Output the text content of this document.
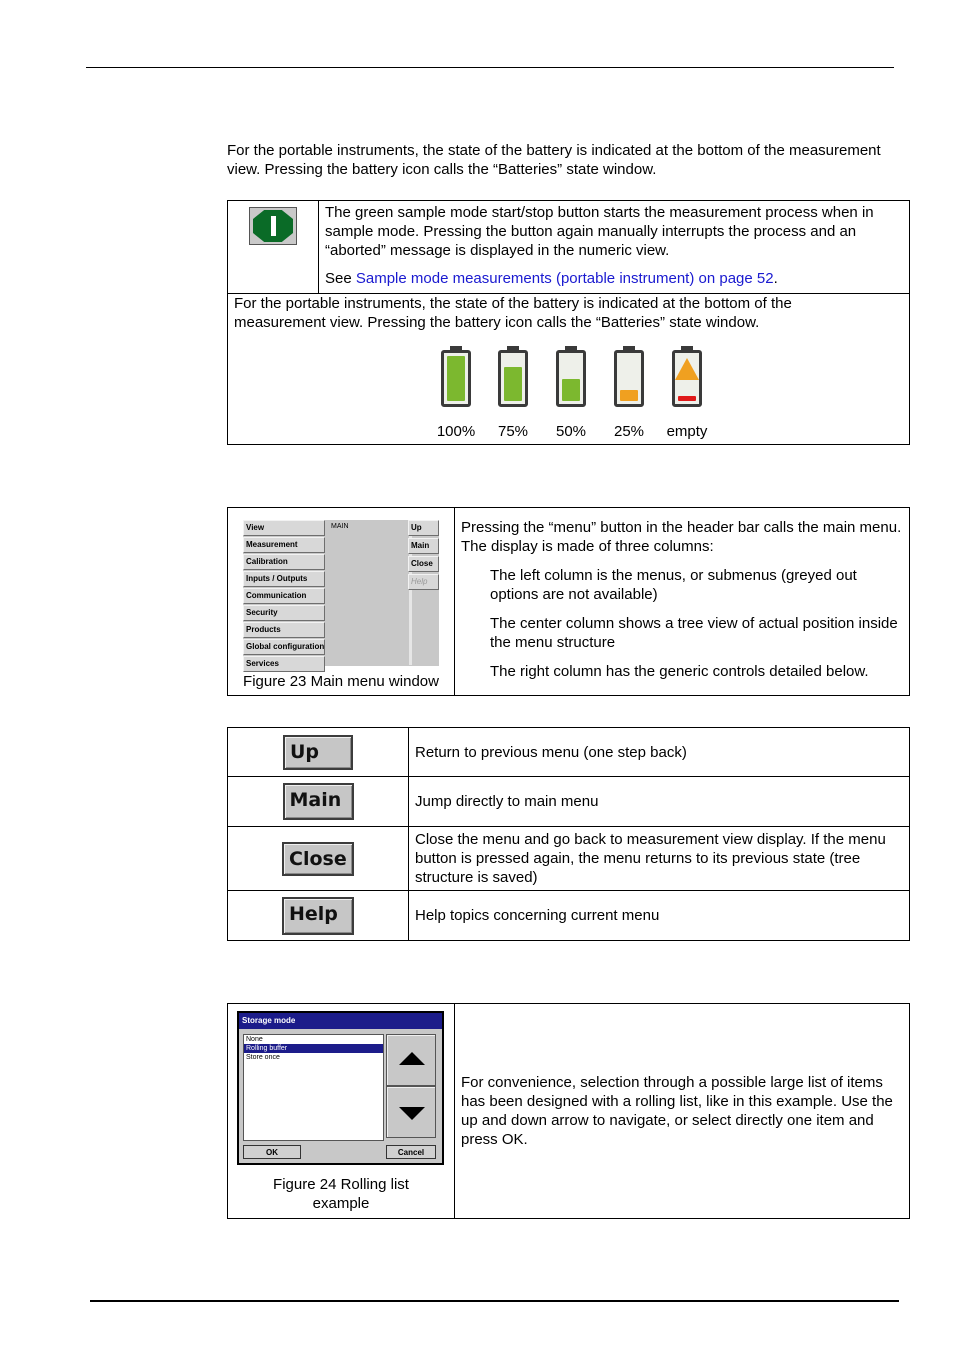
For the portable instruments, the state of the battery is indicated at the bottom of the measurement view. Pressing the battery icon calls the “Batteries” state window.

The green sample mode start/stop button starts the measurement process when in sample mode. Pressing the button again manually interrupts the process and an “aborted” message is displayed in the numeric view.

See Sample mode measurements (portable instrument) on page 52.

For the portable instruments, the state of the battery is indicated at the bottom of the measurement view. Pressing the battery icon calls the “Batteries” state window.

100%	75%	50%	25%	empty
View
Measurement
Calibration
Inputs / Outputs
Communication
Security
Products
Global configuration
Services
MAIN	Up
Main
Close
Help

Figure 23 Main menu window

Pressing the “menu” button in the header bar calls the main menu. The display is made of three columns:

The left column is the menus, or submenus (greyed out options are not available)

The center column shows a tree view of actual position inside the menu structure

The right column has the generic controls detailed below.

Up	Return to previous menu (one step back)
Main	Jump directly to main menu
Close	Close the menu and go back to measurement view display. If the menu button is pressed again, the menu returns to its previous state (tree structure is saved)
Help	Help topics concerning current menu
Storage mode
None
Rolling buffer
Store once
OK	Cancel

Figure 24 Rolling list example

	For convenience, selection through a possible large list of items has been designed with a rolling list, like in this example. Use the up and down arrow to navigate, or select directly one item and press OK.
